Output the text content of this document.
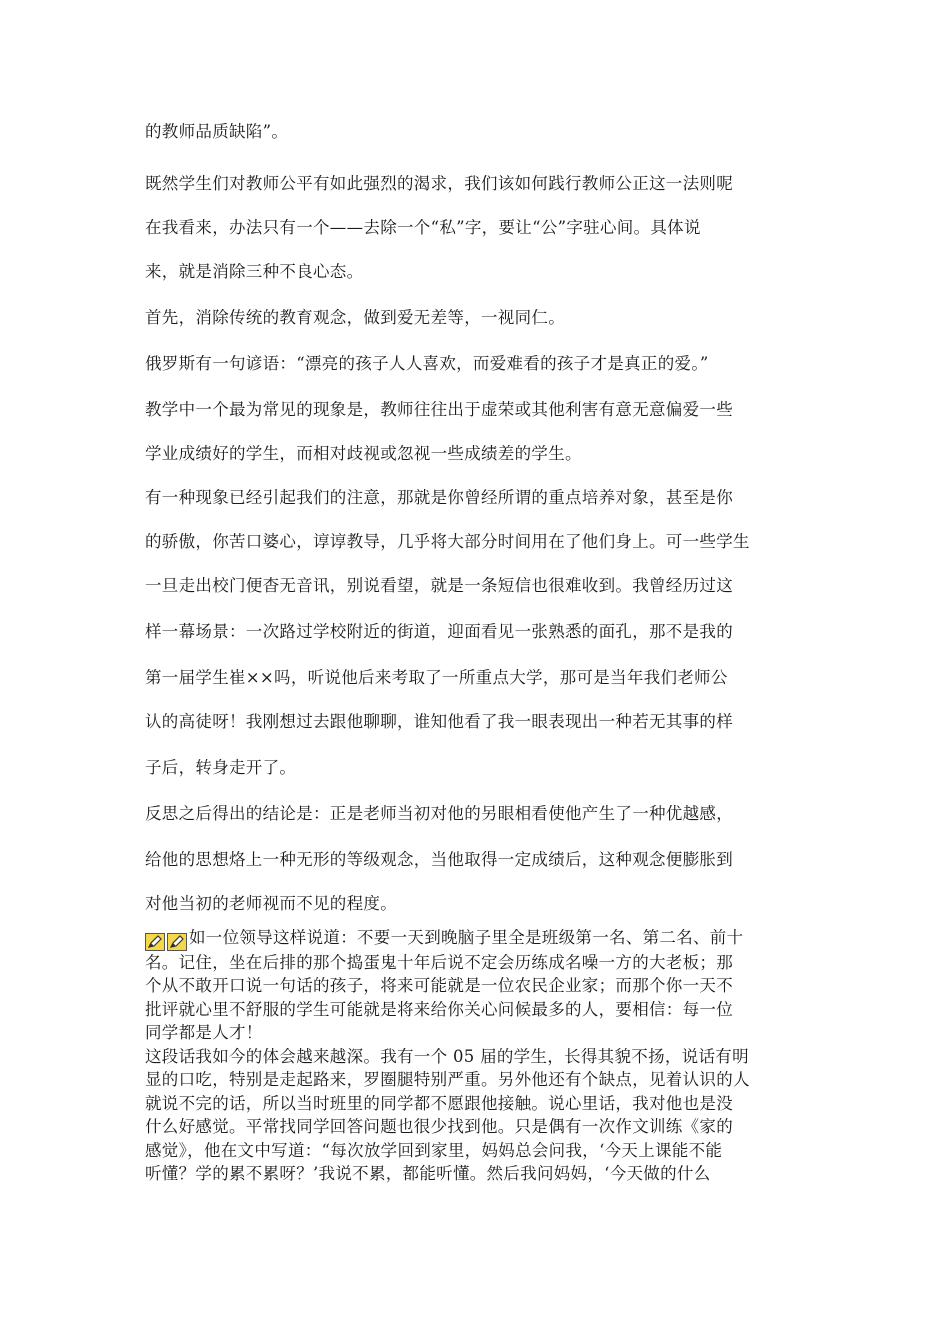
的教师品质缺陷”。

既然学生们对教师公平有如此强烈的渴求，我们该如何践行教师公正这一法则呢

在我看来，办法只有一个——去除一个“私”字，要让“公”字驻心间。具体说

来，就是消除三种不良心态。

首先，消除传统的教育观念，做到爱无差等，一视同仁。

俄罗斯有一句谚语：“漂亮的孩子人人喜欢，而爱难看的孩子才是真正的爱。”

教学中一个最为常见的现象是，教师往往出于虚荣或其他利害有意无意偏爱一些

学业成绩好的学生，而相对歧视或忽视一些成绩差的学生。

有一种现象已经引起我们的注意，那就是你曾经所谓的重点培养对象，甚至是你

的骄傲，你苦口婆心，谆谆教导，几乎将大部分时间用在了他们身上。可一些学生

一旦走出校门便杳无音讯，别说看望，就是一条短信也很难收到。我曾经历过这

样一幕场景：一次路过学校附近的街道，迎面看见一张熟悉的面孔，那不是我的

第一届学生崔××吗，听说他后来考取了一所重点大学，那可是当年我们老师公

认的高徒呀！我刚想过去跟他聊聊，谁知他看了我一眼表现出一种若无其事的样

子后，转身走开了。

反思之后得出的结论是：正是老师当初对他的另眼相看使他产生了一种优越感，

给他的思想烙上一种无形的等级观念，当他取得一定成绩后，这种观念便膨胀到

对他当初的老师视而不见的程度。

如一位领导这样说道：不要一天到晚脑子里全是班级第一名、第二名、前十

名。记住，坐在后排的那个捣蛋鬼十年后说不定会历练成名噪一方的大老板；那

个从不敢开口说一句话的孩子，将来可能就是一位农民企业家；而那个你一天不

批评就心里不舒服的学生可能就是将来给你关心问候最多的人，要相信：每一位

同学都是人才！

这段话我如今的体会越来越深。我有一个 05 届的学生，长得其貌不扬，说话有明

显的口吃，特别是走起路来，罗圈腿特别严重。另外他还有个缺点，见着认识的人

就说不完的话，所以当时班里的同学都不愿跟他接触。说心里话，我对他也是没

什么好感觉。平常找同学回答问题也很少找到他。只是偶有一次作文训练《家的

感觉》，他在文中写道：“每次放学回到家里，妈妈总会问我，‘今天上课能不能

听懂？学的累不累呀？’我说不累，都能听懂。然后我问妈妈，‘今天做的什么
